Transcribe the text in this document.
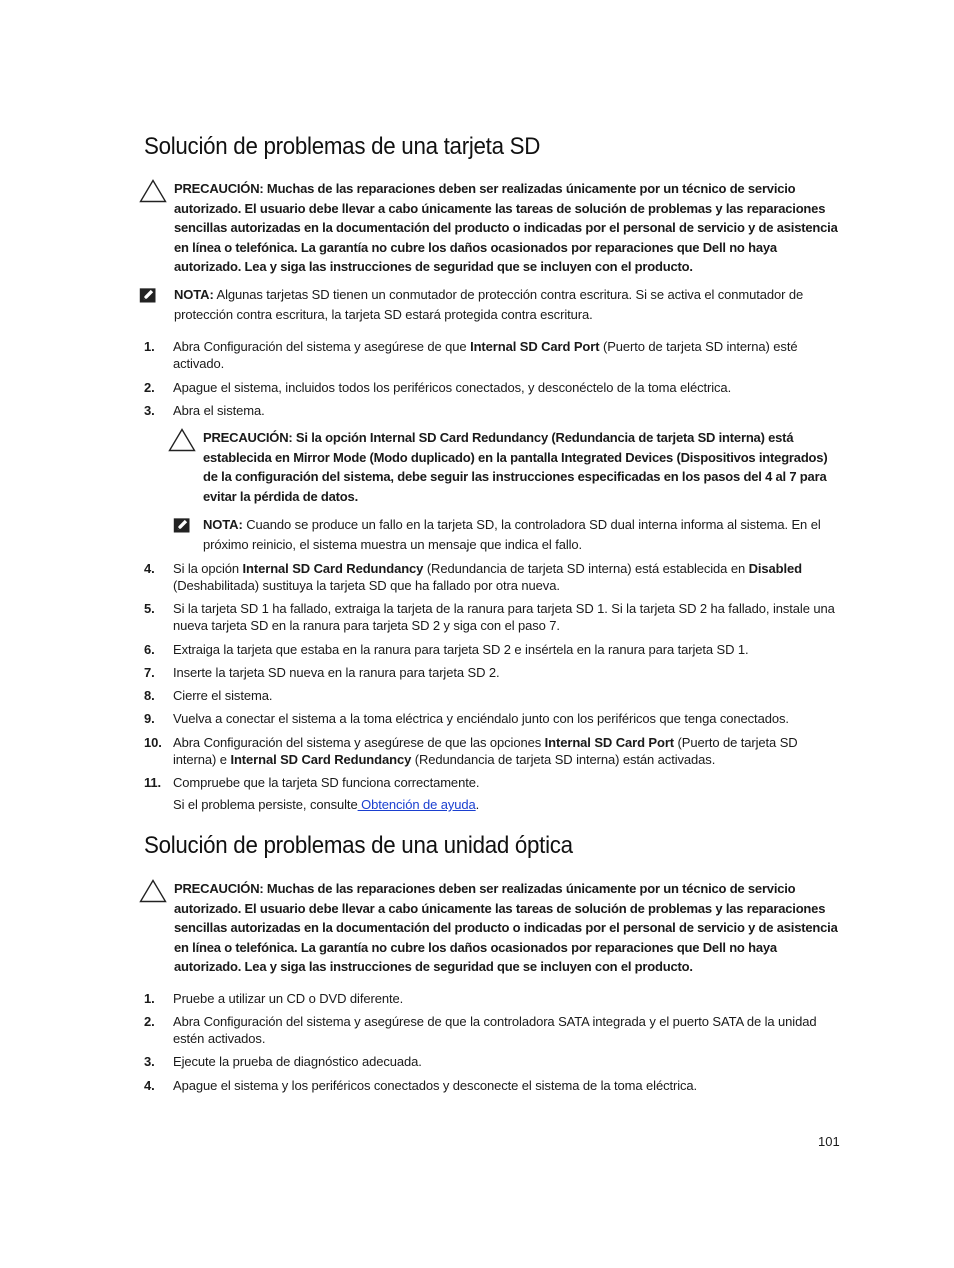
Solución de problemas de una tarjeta SD
PRECAUCIÓN: Muchas de las reparaciones deben ser realizadas únicamente por un técnico de servicio autorizado. El usuario debe llevar a cabo únicamente las tareas de solución de problemas y las reparaciones sencillas autorizadas en la documentación del producto o indicadas por el personal de servicio y de asistencia en línea o telefónica. La garantía no cubre los daños ocasionados por reparaciones que Dell no haya autorizado. Lea y siga las instrucciones de seguridad que se incluyen con el producto.
NOTA: Algunas tarjetas SD tienen un conmutador de protección contra escritura. Si se activa el conmutador de protección contra escritura, la tarjeta SD estará protegida contra escritura.
1. Abra Configuración del sistema y asegúrese de que Internal SD Card Port (Puerto de tarjeta SD interna) esté activado.
2. Apague el sistema, incluidos todos los periféricos conectados, y desconéctelo de la toma eléctrica.
3. Abra el sistema.
PRECAUCIÓN: Si la opción Internal SD Card Redundancy (Redundancia de tarjeta SD interna) está establecida en Mirror Mode (Modo duplicado) en la pantalla Integrated Devices (Dispositivos integrados) de la configuración del sistema, debe seguir las instrucciones especificadas en los pasos del 4 al 7 para evitar la pérdida de datos.
NOTA: Cuando se produce un fallo en la tarjeta SD, la controladora SD dual interna informa al sistema. En el próximo reinicio, el sistema muestra un mensaje que indica el fallo.
4. Si la opción Internal SD Card Redundancy (Redundancia de tarjeta SD interna) está establecida en Disabled (Deshabilitada) sustituya la tarjeta SD que ha fallado por otra nueva.
5. Si la tarjeta SD 1 ha fallado, extraiga la tarjeta de la ranura para tarjeta SD 1. Si la tarjeta SD 2 ha fallado, instale una nueva tarjeta SD en la ranura para tarjeta SD 2 y siga con el paso 7.
6. Extraiga la tarjeta que estaba en la ranura para tarjeta SD 2 e insértela en la ranura para tarjeta SD 1.
7. Inserte la tarjeta SD nueva en la ranura para tarjeta SD 2.
8. Cierre el sistema.
9. Vuelva a conectar el sistema a la toma eléctrica y enciéndalo junto con los periféricos que tenga conectados.
10. Abra Configuración del sistema y asegúrese de que las opciones Internal SD Card Port (Puerto de tarjeta SD interna) e Internal SD Card Redundancy (Redundancia de tarjeta SD interna) están activadas.
11. Compruebe que la tarjeta SD funciona correctamente.
Si el problema persiste, consulte Obtención de ayuda.
Solución de problemas de una unidad óptica
PRECAUCIÓN: Muchas de las reparaciones deben ser realizadas únicamente por un técnico de servicio autorizado. El usuario debe llevar a cabo únicamente las tareas de solución de problemas y las reparaciones sencillas autorizadas en la documentación del producto o indicadas por el personal de servicio y de asistencia en línea o telefónica. La garantía no cubre los daños ocasionados por reparaciones que Dell no haya autorizado. Lea y siga las instrucciones de seguridad que se incluyen con el producto.
1. Pruebe a utilizar un CD o DVD diferente.
2. Abra Configuración del sistema y asegúrese de que la controladora SATA integrada y el puerto SATA de la unidad estén activados.
3. Ejecute la prueba de diagnóstico adecuada.
4. Apague el sistema y los periféricos conectados y desconecte el sistema de la toma eléctrica.
101
